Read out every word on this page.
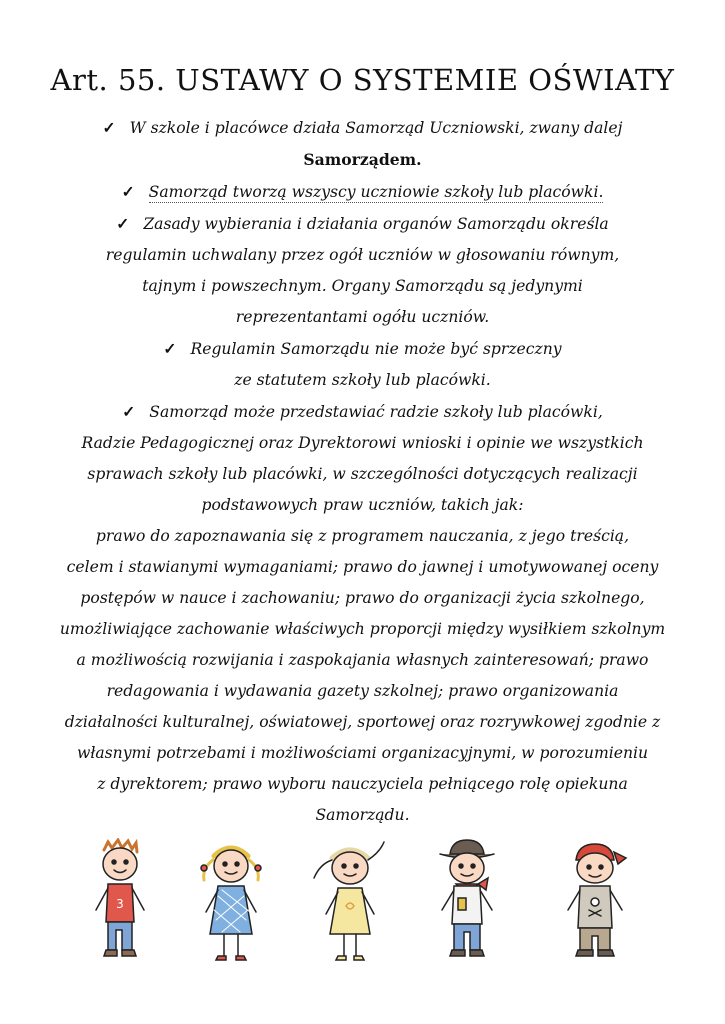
Art. 55. USTAWY O SYSTEMIE OŚWIATY
✓ W szkole i placówce działa Samorząd Uczniowski, zwany dalej
Samorządem.
✓ Samorząd tworzą wszyscy uczniowie szkoły lub placówki.
✓ Zasady wybierania i działania organów Samorządu określa
regulamin uchwalany przez ogół uczniów w głosowaniu równym,
tajnym i powszechnym. Organy Samorządu są jedynymi
reprezentantami ogółu uczniów.
✓ Regulamin Samorządu nie może być sprzeczny
ze statutem szkoły lub placówki.
✓ Samorząd może przedstawiać radzie szkoły lub placówki,
Radzie Pedagogicznej oraz Dyrektorowi wnioski i opinie we wszystkich
sprawach szkoły lub placówki, w szczególności dotyczących realizacji
podstawowych praw uczniów, takich jak:
prawo do zapoznawania się z programem nauczania, z jego treścią,
celem i stawianymi wymaganiami; prawo do jawnej i umotywowanej oceny
postępów w nauce i zachowaniu; prawo do organizacji życia szkolnego,
umożliwiające zachowanie właściwych proporcji między wysiłkiem szkolnym
a możliwością rozwijania i zaspokajania własnych zainteresowań; prawo
redagowania i wydawania gazety szkolnej; prawo organizowania
działalności kulturalnej, oświatowej, sportowej oraz rozrywkowej zgodnie z
własnymi potrzebami i możliwościami organizacyjnymi, w porozumieniu
z dyrektorem; prawo wyboru nauczyciela pełniącego rolę opiekuna
Samorządu.
3
